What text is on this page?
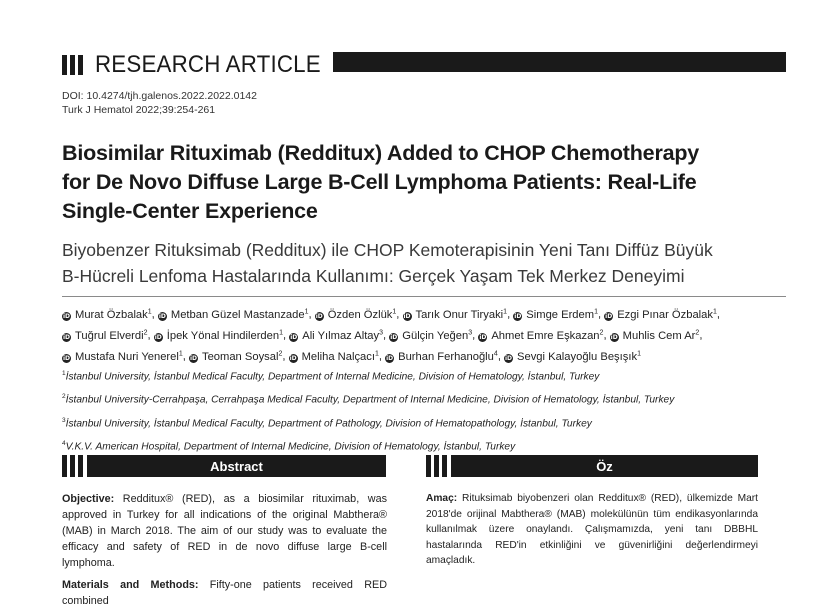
RESEARCH ARTICLE
DOI: 10.4274/tjh.galenos.2022.2022.0142
Turk J Hematol 2022;39:254-261
Biosimilar Rituximab (Redditux) Added to CHOP Chemotherapy
for De Novo Diffuse Large B-Cell Lymphoma Patients: Real-Life
Single-Center Experience
Biyobenzer Rituksimab (Redditux) ile CHOP Kemoterapisinin Yeni Tanı Diffüz Büyük
B-Hücreli Lenfoma Hastalarında Kullanımı: Gerçek Yaşam Tek Merkez Deneyimi
iD Murat Özbalak$^1$, iD Metban Güzel Mastanzade$^1$, iD Özden Özlük$^1$, iD Tarık Onur Tiryaki$^1$, iD Simge Erdem$^1$, iD Ezgi Pınar Özbalak$^1$, iD Tuğrul Elverdi$^2$, iD İpek Yönal Hindilerden$^1$, iD Ali Yılmaz Altay$^3$, iD Gülçin Yeğen$^3$, iD Ahmet Emre Eşkazan$^2$, iD Muhlis Cem Ar$^2$, iD Mustafa Nuri Yenerel$^1$, iD Teoman Soysal$^2$, iD Meliha Nalçacı$^1$, iD Burhan Ferhanoğlu$^4$, iD Sevgi Kalayoğlu Beşışık$^1$
$^1$İstanbul University, İstanbul Medical Faculty, Department of Internal Medicine, Division of Hematology, İstanbul, Turkey
$^2$İstanbul University-Cerrahpaşa, Cerrahpaşa Medical Faculty, Department of Internal Medicine, Division of Hematology, İstanbul, Turkey
$^3$İstanbul University, İstanbul Medical Faculty, Department of Pathology, Division of Hematopathology, İstanbul, Turkey
$^4$V.K.V. American Hospital, Department of Internal Medicine, Division of Hematology, İstanbul, Turkey
Abstract	Öz

Objective: Redditux® (RED), as a biosimilar rituximab, was approved in Turkey for all indications of the original Mabthera® (MAB) in March 2018. The aim of our study was to evaluate the efficacy and safety of RED in de novo diffuse large B-cell lymphoma.

Materials and Methods: Fifty-one patients received RED combined

Amaç: Rituksimab biyobenzeri olan Redditux® (RED), ülkemizde Mart 2018'de orijinal Mabthera® (MAB) molekülünün tüm endikasyonlarında kullanılmak üzere onaylandı. Çalışmamızda, yeni tanı DBBHL hastalarında RED'in etkinliğini ve güvenirliğini değerlendirmeyi amaçladık.
